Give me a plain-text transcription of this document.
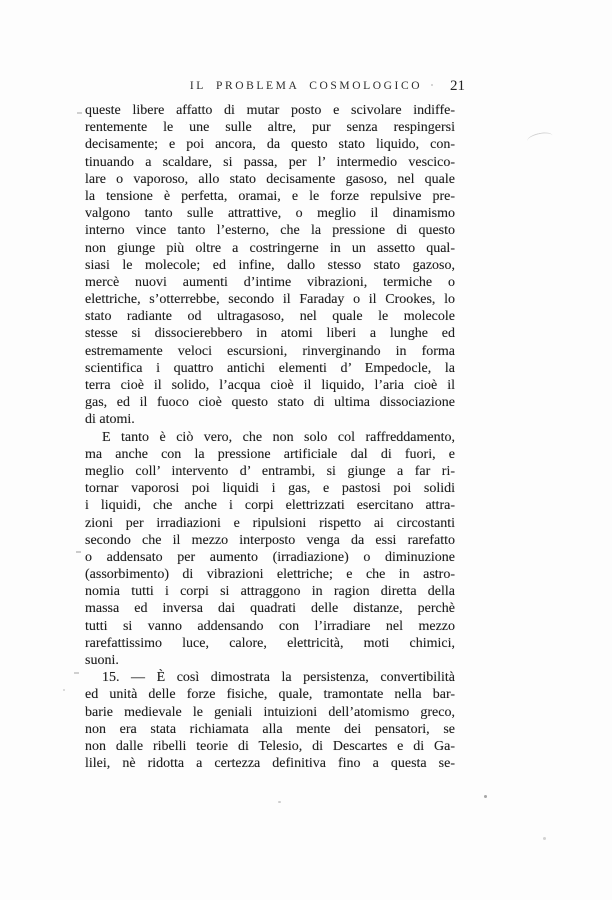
IL PROBLEMA COSMOLOGICO	21
queste libere affatto di mutar posto e scivolare indiffe-
rentemente le une sulle altre, pur senza respingersi
decisamente; e poi ancora, da questo stato liquido, con-
tinuando a scaldare, si passa, per l’ intermedio vescico-
lare o vaporoso, allo stato decisamente gasoso, nel quale
la tensione è perfetta, oramai, e le forze repulsive pre-
valgono tanto sulle attrattive, o meglio il dinamismo
interno vince tanto l’esterno, che la pressione di questo
non giunge più oltre a costringerne in un assetto qual-
siasi le molecole; ed infine, dallo stesso stato gazoso,
mercè nuovi aumenti d’intime vibrazioni, termiche o
elettriche, s’otterrebbe, secondo il Faraday o il Crookes, lo
stato radiante od ultragasoso, nel quale le molecole
stesse si dissocierebbero in atomi liberi a lunghe ed
estremamente veloci escursioni, rinverginando in forma
scientifica i quattro antichi elementi d’ Empedocle, la
terra cioè il solido, l’acqua cioè il liquido, l’aria cioè il
gas, ed il fuoco cioè questo stato di ultima dissociazione
di atomi.
E tanto è ciò vero, che non solo col raffreddamento,
ma anche con la pressione artificiale dal di fuori, e
meglio coll’ intervento d’ entrambi, si giunge a far ri-
tornar vaporosi poi liquidi i gas, e pastosi poi solidi
i liquidi, che anche i corpi elettrizzati esercitano attra-
zioni per irradiazioni e ripulsioni rispetto ai circostanti
secondo che il mezzo interposto venga da essi rarefatto
o addensato per aumento (irradiazione) o diminuzione
(assorbimento) di vibrazioni elettriche; e che in astro-
nomia tutti i corpi si attraggono in ragion diretta della
massa ed inversa dai quadrati delle distanze, perchè
tutti si vanno addensando con l’irradiare nel mezzo
rarefattissimo luce, calore, elettricità, moti chimici,
suoni.
15. — È così dimostrata la persistenza, convertibilità
ed unità delle forze fisiche, quale, tramontate nella bar-
barie medievale le geniali intuizioni dell’atomismo greco,
non era stata richiamata alla mente dei pensatori, se
non dalle ribelli teorie di Telesio, di Descartes e di Ga-
lilei, nè ridotta a certezza definitiva fino a questa se-
